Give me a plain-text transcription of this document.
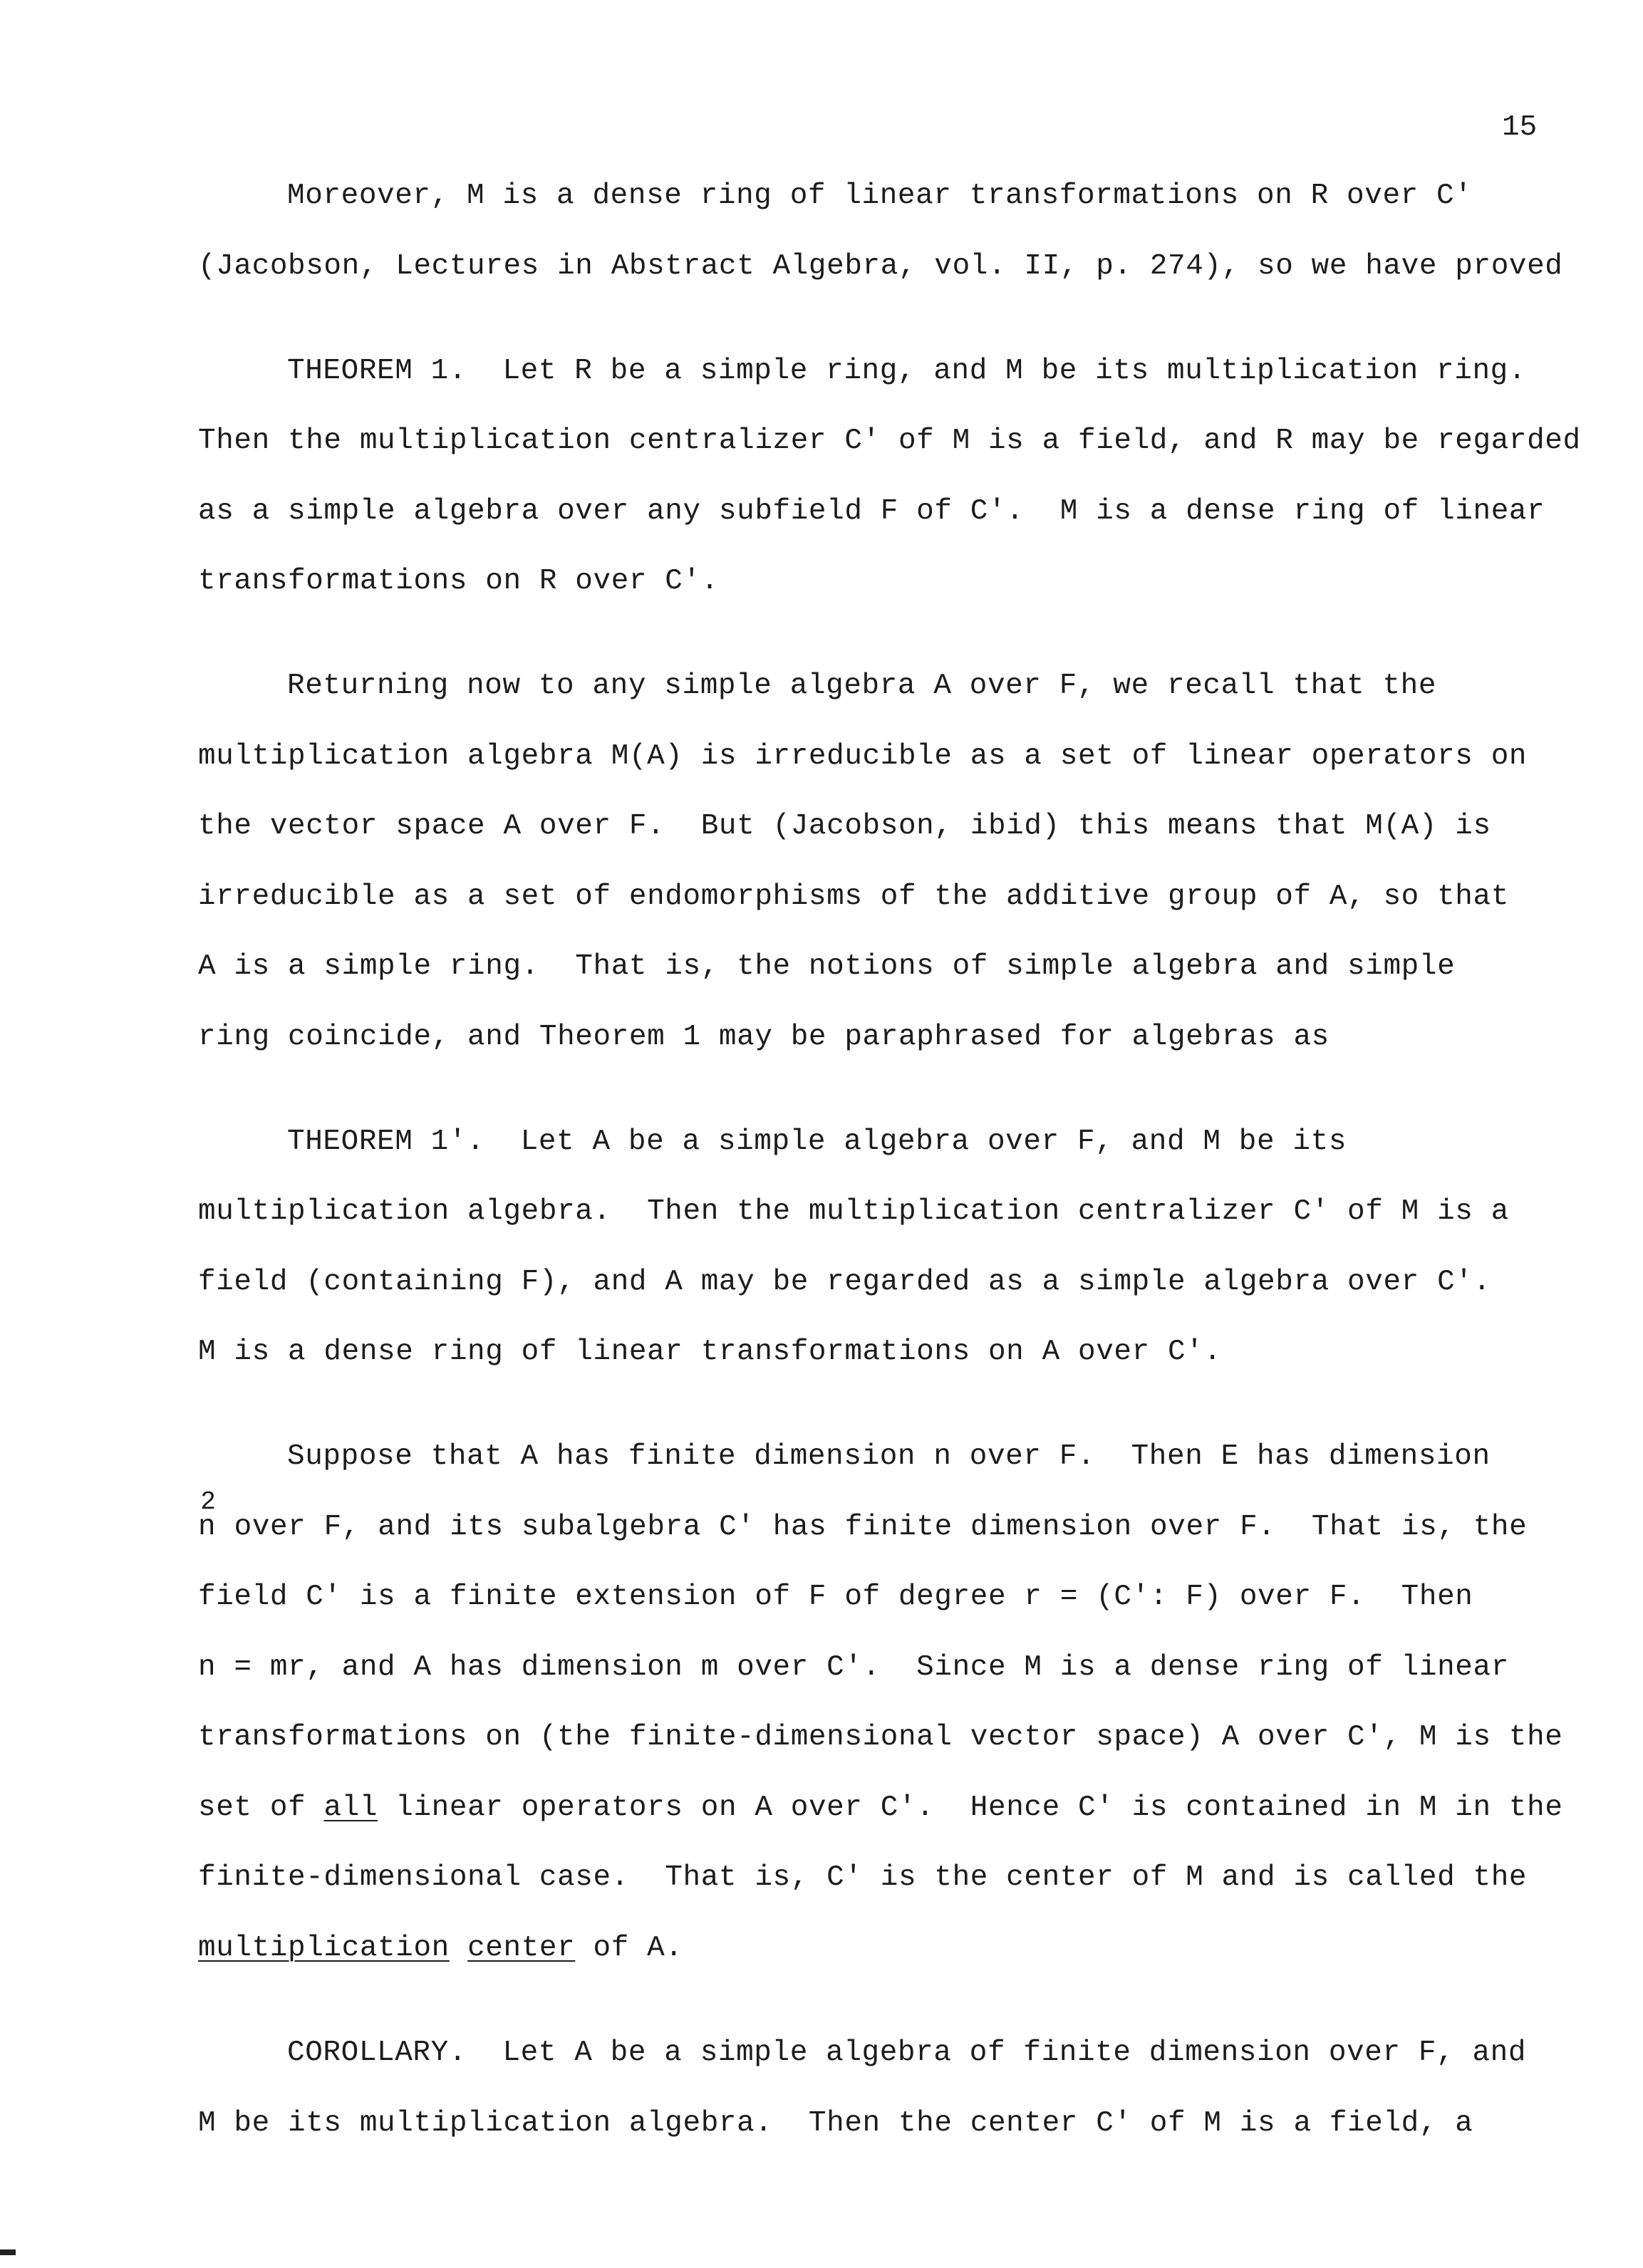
15
Moreover, M is a dense ring of linear transformations on R over C'
(Jacobson, Lectures in Abstract Algebra, vol. II, p. 274), so we have proved
THEOREM 1.  Let R be a simple ring, and M be its multiplication ring.
Then the multiplication centralizer C' of M is a field, and R may be regarded
as a simple algebra over any subfield F of C'.  M is a dense ring of linear
transformations on R over C'.
Returning now to any simple algebra A over F, we recall that the
multiplication algebra M(A) is irreducible as a set of linear operators on
the vector space A over F.  But (Jacobson, ibid) this means that M(A) is
irreducible as a set of endomorphisms of the additive group of A, so that
A is a simple ring.  That is, the notions of simple algebra and simple
ring coincide, and Theorem 1 may be paraphrased for algebras as
THEOREM 1'.  Let A be a simple algebra over F, and M be its
multiplication algebra.  Then the multiplication centralizer C' of M is a
field (containing F), and A may be regarded as a simple algebra over C'.
M is a dense ring of linear transformations on A over C'.
Suppose that A has finite dimension n over F.  Then E has dimension
n2 over F, and its subalgebra C' has finite dimension over F.  That is, the
field C' is a finite extension of F of degree r = (C': F) over F.  Then
n = mr, and A has dimension m over C'.  Since M is a dense ring of linear
transformations on (the finite-dimensional vector space) A over C', M is the
set of all linear operators on A over C'.  Hence C' is contained in M in the
finite-dimensional case.  That is, C' is the center of M and is called the
multiplication center of A.
COROLLARY.  Let A be a simple algebra of finite dimension over F, and
M be its multiplication algebra.  Then the center C' of M is a field, a
